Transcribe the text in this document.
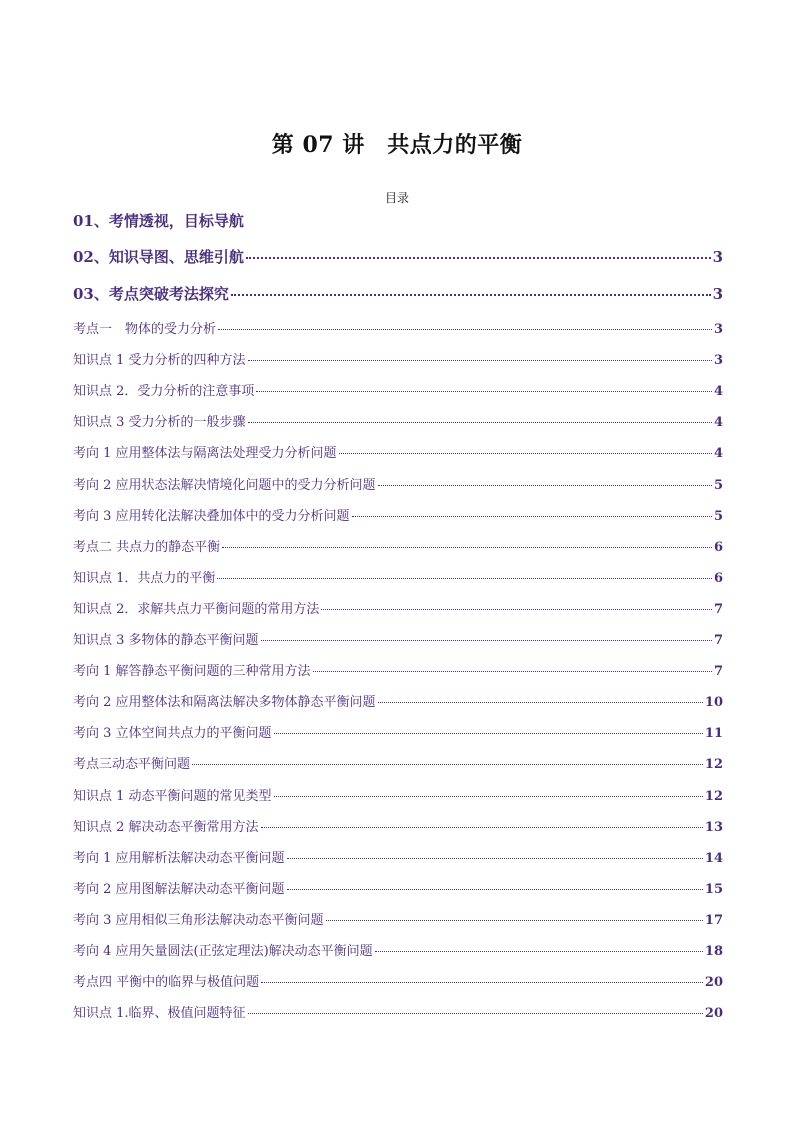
第 07 讲　共点力的平衡
目录
01、考情透视，目标导航
02、知识导图、思维引航	3
03、考点突破考法探究	3
考点一　物体的受力分析	3
知识点 1 受力分析的四种方法	3
知识点 2．受力分析的注意事项	4
知识点 3 受力分析的一般步骤	4
考向 1 应用整体法与隔离法处理受力分析问题	4
考向 2 应用状态法解决情境化问题中的受力分析问题	5
考向 3 应用转化法解决叠加体中的受力分析问题	5
考点二 共点力的静态平衡	6
知识点 1．共点力的平衡	6
知识点 2．求解共点力平衡问题的常用方法	7
知识点 3 多物体的静态平衡问题	7
考向 1 解答静态平衡问题的三种常用方法	7
考向 2 应用整体法和隔离法解决多物体静态平衡问题	10
考向 3 立体空间共点力的平衡问题	11
考点三动态平衡问题	12
知识点 1 动态平衡问题的常见类型	12
知识点 2 解决动态平衡常用方法	13
考向 1 应用解析法解决动态平衡问题	14
考向 2 应用图解法解决动态平衡问题	15
考向 3 应用相似三角形法解决动态平衡问题	17
考向 4 应用矢量圆法(正弦定理法)解决动态平衡问题	18
考点四 平衡中的临界与极值问题	20
知识点 1.临界、极值问题特征	20
